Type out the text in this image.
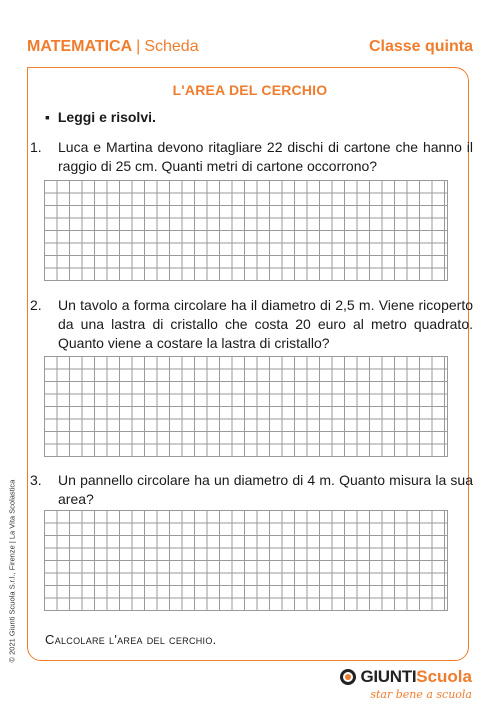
MATEMATICA | Scheda	Classe quinta
L'AREA DEL CERCHIO
▪ Leggi e risolvi.
1. Luca e Martina devono ritagliare 22 dischi di cartone che hanno il raggio di 25 cm. Quanti metri di cartone occorrono?
2. Un tavolo a forma circolare ha il diametro di 2,5 m. Viene ricoperto da una lastra di cristallo che costa 20 euro al metro quadrato. Quanto viene a costare la lastra di cristallo?
3. Un pannello circolare ha un diametro di 4 m. Quanto misura la sua area?
Calcolare l'area del cerchio.
© 2021 Giunti Scuola S.r.l., Firenze | La Vita Scolastica
GIUNTI Scuola
star bene a scuola
